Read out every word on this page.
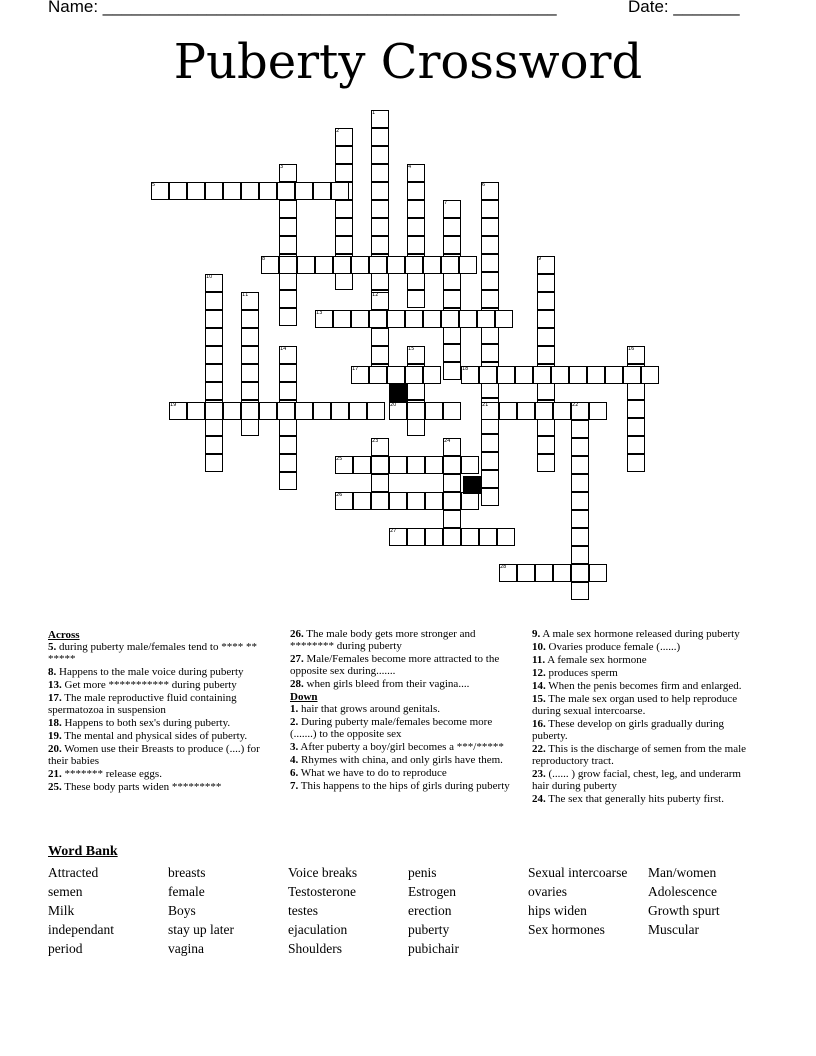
Name: ________________________________________________	Date: _______
Puberty Crossword
1
2
3	4
5	6
7
8	9
10
11	12
13
14	15	16
17	18
19	20	21	22
23	24
25
26
27
28
Across
5. during puberty male/females tend to **** ** *****
8. Happens to the male voice during puberty
13. Get more *********** during puberty
17. The male reproductive fluid containing spermatozoa in suspension
18. Happens to both sex's during puberty.
19. The mental and physical sides of puberty.
20. Women use their Breasts to produce (....) for their babies
21. ******* release eggs.
25. These body parts widen *********
26. The male body gets more stronger and ******** during puberty
27. Male/Females become more attracted to the opposite sex during.......
28. when girls bleed from their vagina....
Down
1. hair that grows around genitals.
2. During puberty male/females become more (.......) to the opposite sex
3. After puberty a boy/girl becomes a ***/*****
4. Rhymes with china, and only girls have them.
6. What we have to do to reproduce
7. This happens to the hips of girls during puberty
9. A male sex hormone released during puberty
10. Ovaries produce female (......)
11. A female sex hormone
12. produces sperm
14. When the penis becomes firm and enlarged.
15. The male sex organ used to help reproduce during sexual intercoarse.
16. These develop on girls gradually during puberty.
22. This is the discharge of semen from the male reproductory tract.
23. (...... ) grow facial, chest, leg, and underarm hair during puberty
24. The sex that generally hits puberty first.
Word Bank
Attracted	breasts	Voice breaks	penis	Sexual intercoarse	Man/women
semen	female	Testosterone	Estrogen	ovaries	Adolescence
Milk	Boys	testes	erection	hips widen	Growth spurt
independant	stay up later	ejaculation	puberty	Sex hormones	Muscular
period	vagina	Shoulders	pubichair
